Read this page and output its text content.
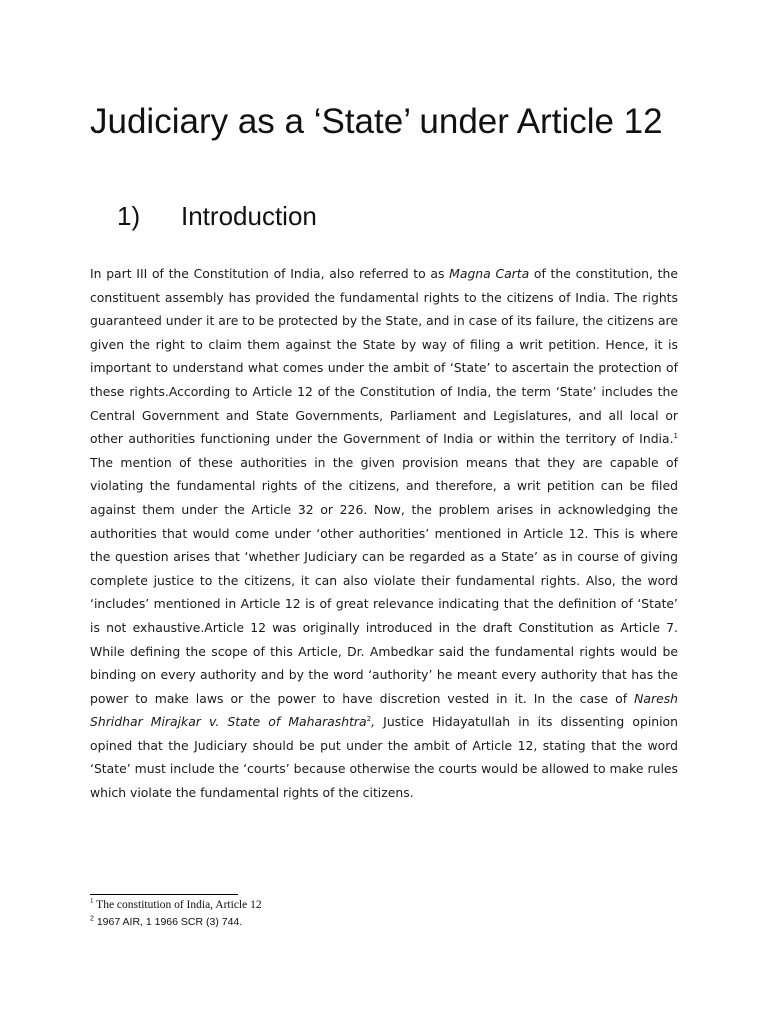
Judiciary as a ‘State’ under Article 12
1) Introduction

In part III of the Constitution of India, also referred to as Magna Carta of the constitution, the constituent assembly has provided the fundamental rights to the citizens of India. The rights guaranteed under it are to be protected by the State, and in case of its failure, the citizens are given the right to claim them against the State by way of filing a writ petition. Hence, it is important to understand what comes under the ambit of ‘State’ to ascertain the protection of these rights.According to Article 12 of the Constitution of India, the term ‘State’ includes the Central Government and State Governments, Parliament and Legislatures, and all local or other authorities functioning under the Government of India or within the territory of India.$^1$ The mention of these authorities in the given provision means that they are capable of violating the fundamental rights of the citizens, and therefore, a writ petition can be filed against them under the Article 32 or 226. Now, the problem arises in acknowledging the authorities that would come under ‘other authorities’ mentioned in Article 12. This is where the question arises that ‘whether Judiciary can be regarded as a State’ as in course of giving complete justice to the citizens, it can also violate their fundamental rights. Also, the word ‘includes’ mentioned in Article 12 is of great relevance indicating that the definition of ‘State’ is not exhaustive.Article 12 was originally introduced in the draft Constitution as Article 7. While defining the scope of this Article, Dr. Ambedkar said the fundamental rights would be binding on every authority and by the word ‘authority’ he meant every authority that has the power to make laws or the power to have discretion vested in it. In the case of Naresh Shridhar Mirajkar v. State of Maharashtra$^2$, Justice Hidayatullah in its dissenting opinion opined that the Judiciary should be put under the ambit of Article 12, stating that the word ‘State’ must include the ‘courts’ because otherwise the courts would be allowed to make rules which violate the fundamental rights of the citizens.

$^1$ The constitution of India, Article 12

$^2$ 1967 AIR, 1 1966 SCR (3) 744.
